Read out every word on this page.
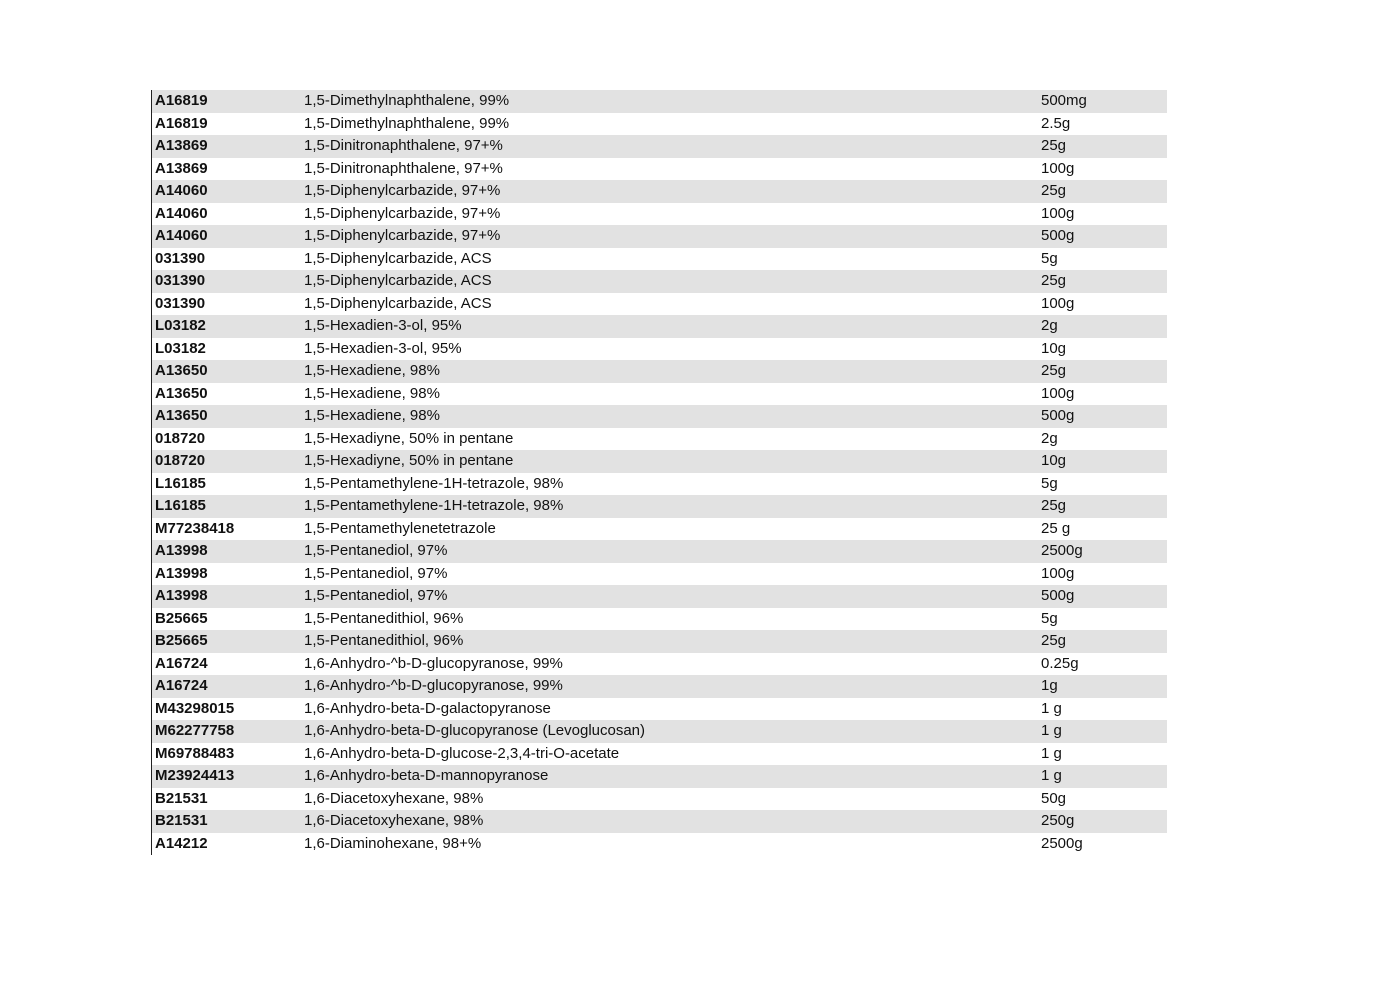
A16819	1,5-Dimethylnaphthalene, 99%	500mg
A16819	1,5-Dimethylnaphthalene, 99%	2.5g
A13869	1,5-Dinitronaphthalene, 97+%	25g
A13869	1,5-Dinitronaphthalene, 97+%	100g
A14060	1,5-Diphenylcarbazide, 97+%	25g
A14060	1,5-Diphenylcarbazide, 97+%	100g
A14060	1,5-Diphenylcarbazide, 97+%	500g
031390	1,5-Diphenylcarbazide, ACS	5g
031390	1,5-Diphenylcarbazide, ACS	25g
031390	1,5-Diphenylcarbazide, ACS	100g
L03182	1,5-Hexadien-3-ol, 95%	2g
L03182	1,5-Hexadien-3-ol, 95%	10g
A13650	1,5-Hexadiene, 98%	25g
A13650	1,5-Hexadiene, 98%	100g
A13650	1,5-Hexadiene, 98%	500g
018720	1,5-Hexadiyne, 50% in pentane	2g
018720	1,5-Hexadiyne, 50% in pentane	10g
L16185	1,5-Pentamethylene-1H-tetrazole, 98%	5g
L16185	1,5-Pentamethylene-1H-tetrazole, 98%	25g
M77238418	1,5-Pentamethylenetetrazole	25 g
A13998	1,5-Pentanediol, 97%	2500g
A13998	1,5-Pentanediol, 97%	100g
A13998	1,5-Pentanediol, 97%	500g
B25665	1,5-Pentanedithiol, 96%	5g
B25665	1,5-Pentanedithiol, 96%	25g
A16724	1,6-Anhydro-^b-D-glucopyranose, 99%	0.25g
A16724	1,6-Anhydro-^b-D-glucopyranose, 99%	1g
M43298015	1,6-Anhydro-beta-D-galactopyranose	1 g
M62277758	1,6-Anhydro-beta-D-glucopyranose (Levoglucosan)	1 g
M69788483	1,6-Anhydro-beta-D-glucose-2,3,4-tri-O-acetate	1 g
M23924413	1,6-Anhydro-beta-D-mannopyranose	1 g
B21531	1,6-Diacetoxyhexane, 98%	50g
B21531	1,6-Diacetoxyhexane, 98%	250g
A14212	1,6-Diaminohexane, 98+%	2500g
